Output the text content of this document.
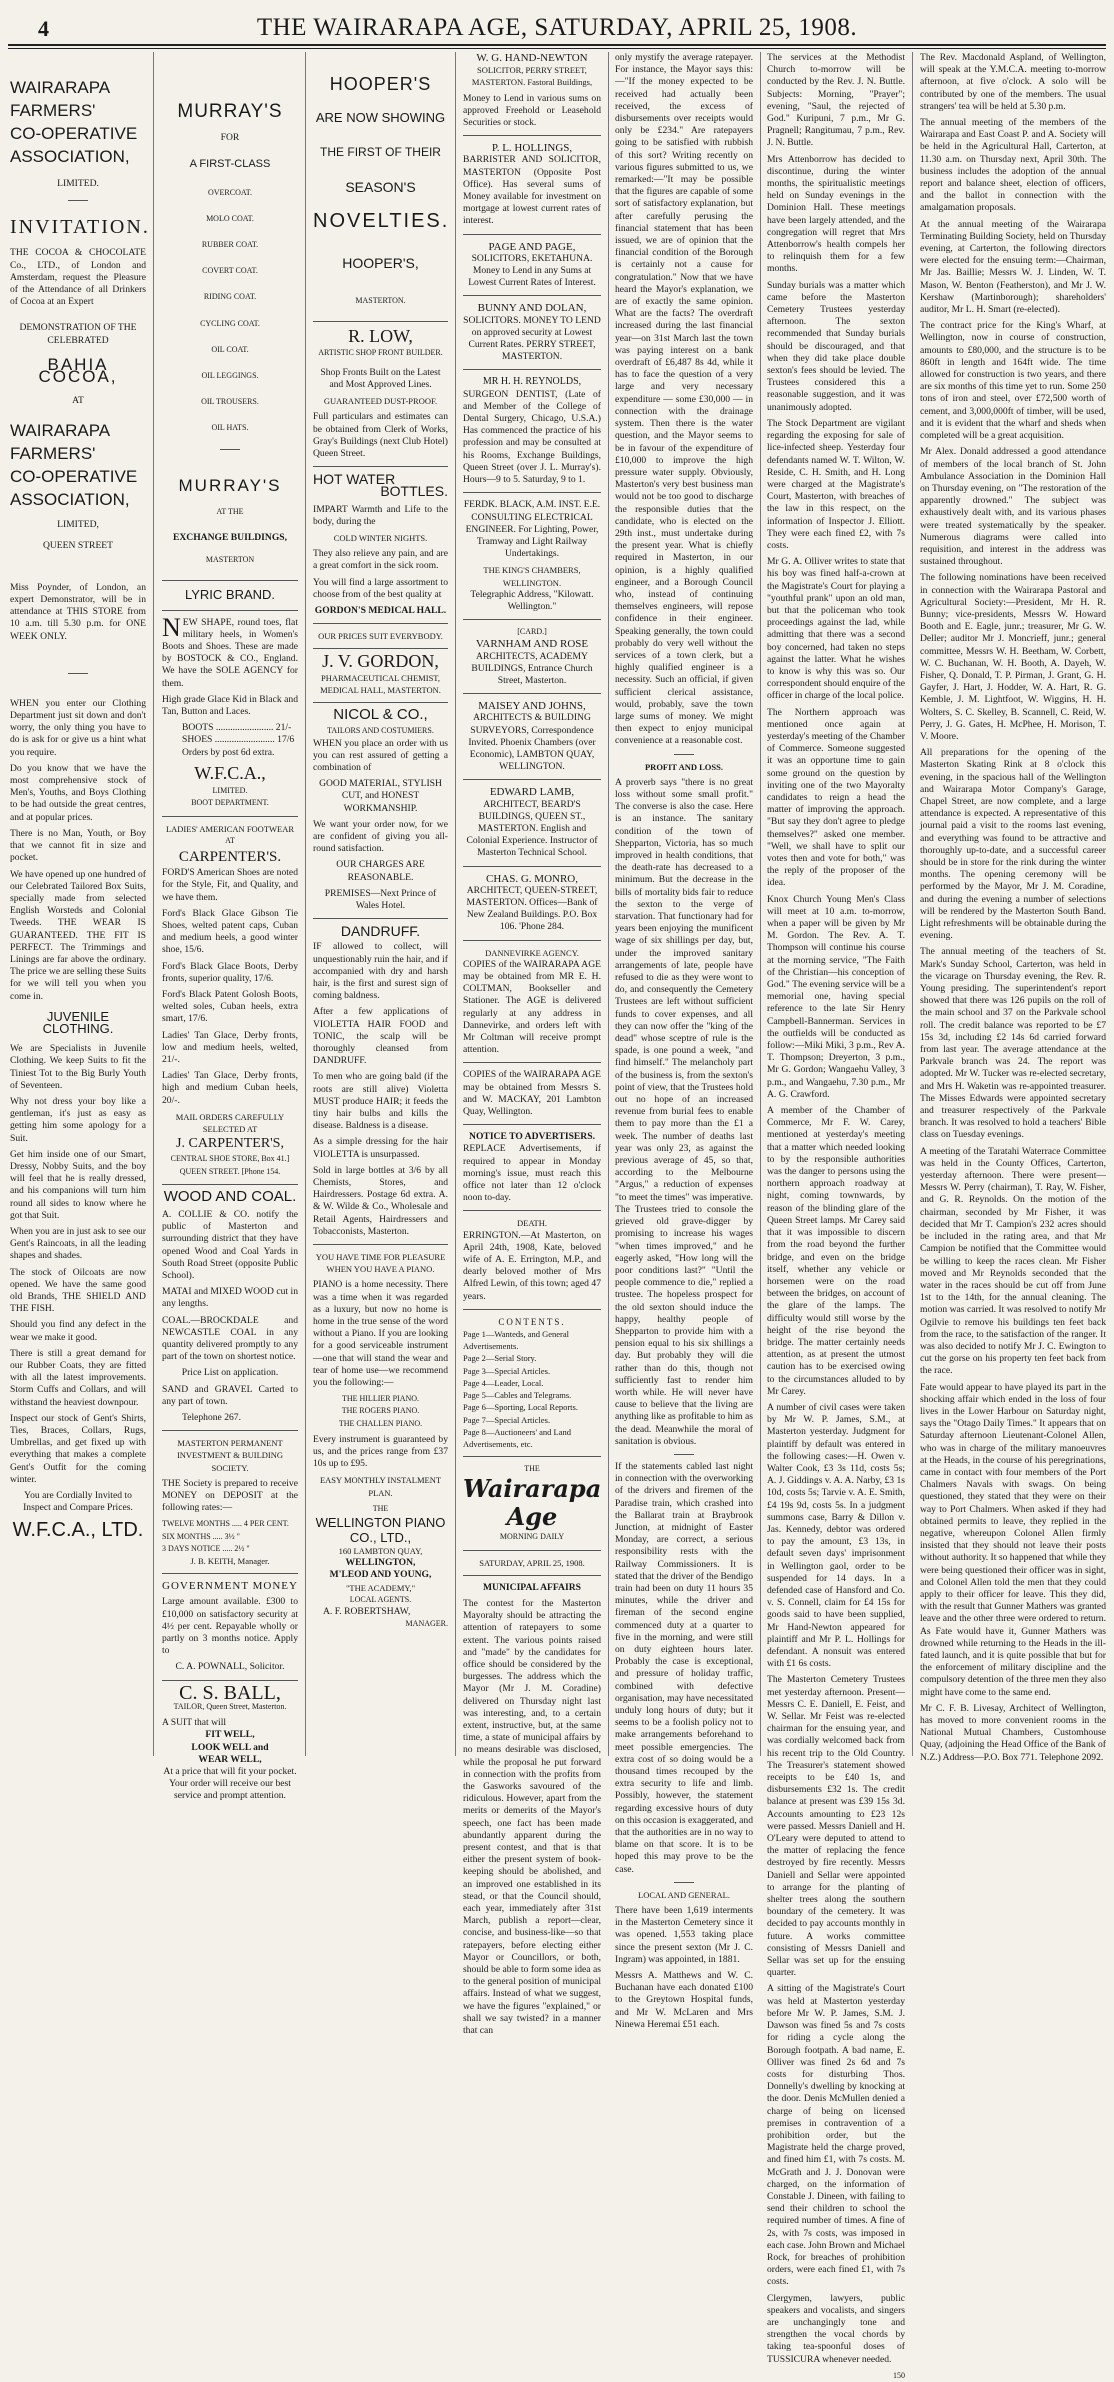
4	THE WAIRARAPA AGE, SATURDAY, APRIL 25, 1908.
WAIRARAPA
FARMERS'
CO-OPERATIVE
ASSOCIATION,
LIMITED.
INVITATION.

THE COCOA & CHOCOLATE Co., LTD., of London and Amsterdam, request the Pleasure of the Attendance of all Drinkers of Cocoa at an Expert

DEMONSTRATION OF THE CELEBRATED
BAHIA COCOA,
AT
WAIRARAPA
FARMERS'
CO-OPERATIVE
ASSOCIATION,
LIMITED,
QUEEN STREET

Miss Poynder, of London, an expert Demonstrator, will be in attendance at THIS STORE from 10 a.m. till 5.30 p.m. for ONE WEEK ONLY.

WHEN you enter our Clothing Department just sit down and don't worry, the only thing you have to do is ask for or give us a hint what you require.

Do you know that we have the most comprehensive stock of Men's, Youths, and Boys Clothing to be had outside the great centres, and at popular prices.

There is no Man, Youth, or Boy that we cannot fit in size and pocket.

We have opened up one hundred of our Celebrated Tailored Box Suits, specially made from selected English Worsteds and Colonial Tweeds. THE WEAR IS GUARANTEED. THE FIT IS PERFECT. The Trimmings and Linings are far above the ordinary. The price we are selling these Suits for we will tell you when you come in.

JUVENILE CLOTHING.

We are Specialists in Juvenile Clothing. We keep Suits to fit the Tiniest Tot to the Big Burly Youth of Seventeen.

Why not dress your boy like a gentleman, it's just as easy as getting him some apology for a Suit.

Get him inside one of our Smart, Dressy, Nobby Suits, and the boy will feel that he is really dressed, and his companions will turn him round all sides to know where he got that Suit.

When you are in just ask to see our Gent's Raincoats, in all the leading shapes and shades.

The stock of Oilcoats are now opened. We have the same good old Brands, THE SHIELD AND THE FISH.

Should you find any defect in the wear we make it good.

There is still a great demand for our Rubber Coats, they are fitted with all the latest improvements. Storm Cuffs and Collars, and will withstand the heaviest downpour.

Inspect our stock of Gent's Shirts, Ties, Braces, Collars, Rugs, Umbrellas, and get fixed up with everything that makes a complete Gent's Outfit for the coming winter.

You are Cordially Invited to Inspect and Compare Prices.

W.F.C.A., LTD.
MURRAY'S
FOR
A FIRST-CLASS
OVERCOAT.
MOLO COAT.
RUBBER COAT.
COVERT COAT.
RIDING COAT.
CYCLING COAT.
OIL COAT.
OIL LEGGINGS.
OIL TROUSERS.
OIL HATS.
MURRAY'S
AT THE
EXCHANGE BUILDINGS,
MASTERTON
LYRIC BRAND.

NEW SHAPE, round toes, flat military heels, in Women's Boots and Shoes. These are made by BOSTOCK & CO., England. We have the SOLE AGENCY for them.

High grade Glace Kid in Black and Tan, Button and Laces.

BOOTS ........................ 21/-
SHOES ......................... 17/6
Orders by post 6d extra.
W.F.C.A.,
LIMITED.
BOOT DEPARTMENT.
LADIES' AMERICAN FOOTWEAR
AT
CARPENTER'S.

FORD'S American Shoes are noted for the Style, Fit, and Quality, and we have them.

Ford's Black Glace Gibson Tie Shoes, welted patent caps, Cuban and medium heels, a good winter shoe, 15/6.

Ford's Black Glace Boots, Derby fronts, superior quality, 17/6.

Ford's Black Patent Golosh Boots, welted soles, Cuban heels, extra smart, 17/6.

Ladies' Tan Glace, Derby fronts, low and medium heels, welted, 21/-.

Ladies' Tan Glace, Derby fronts, high and medium Cuban heels, 20/-.

MAIL ORDERS CAREFULLY SELECTED AT
J. CARPENTER'S,
CENTRAL SHOE STORE, Box 41.] QUEEN STREET. [Phone 154.
WOOD AND COAL.

A. COLLIE & CO. notify the public of Masterton and surrounding district that they have opened Wood and Coal Yards in South Road Street (opposite Public School).

MATAI and MIXED WOOD cut in any lengths.

COAL.—BROCKDALE and NEWCASTLE COAL in any quantity delivered promptly to any part of the town on shortest notice.

Price List on application.

SAND and GRAVEL Carted to any part of town.

Telephone 267.

MASTERTON PERMANENT INVESTMENT & BUILDING SOCIETY.

THE Society is prepared to receive MONEY on DEPOSIT at the following rates:—

TWELVE MONTHS ..... 4 PER CENT.
SIX MONTHS ..... 3½ "
3 DAYS NOTICE ..... 2½ "
J. B. KEITH, Manager.
GOVERNMENT MONEY

Large amount available. £300 to £10,000 on satisfactory security at 4½ per cent. Repayable wholly or partly on 3 months notice. Apply to

C. A. POWNALL, Solicitor.
C. S. BALL,
TAILOR, Queen Street, Masterton.
A SUIT that will
FIT WELL,
LOOK WELL and
WEAR WELL,

At a price that will fit your pocket. Your order will receive our best service and prompt attention.

HOOPER'S
ARE NOW SHOWING
THE FIRST OF THEIR
SEASON'S
NOVELTIES.
HOOPER'S,
MASTERTON.
R. LOW,
ARTISTIC SHOP FRONT BUILDER.

Shop Fronts Built on the Latest and Most Approved Lines.

GUARANTEED DUST-PROOF.

Full particulars and estimates can be obtained from Clerk of Works, Gray's Buildings (next Club Hotel) Queen Street.

HOT WATER
BOTTLES.

IMPART Warmth and Life to the body, during the

COLD WINTER NIGHTS.

They also relieve any pain, and are a great comfort in the sick room.

You will find a large assortment to choose from of the best quality at

GORDON'S MEDICAL HALL.
OUR PRICES SUIT EVERYBODY.
J. V. GORDON,
PHARMACEUTICAL CHEMIST,
MEDICAL HALL, MASTERTON.
NICOL & CO.,
TAILORS AND COSTUMIERS.

WHEN you place an order with us you can rest assured of getting a combination of

GOOD MATERIAL, STYLISH CUT, and HONEST WORKMANSHIP.

We want your order now, for we are confident of giving you all-round satisfaction.

OUR CHARGES ARE REASONABLE.

PREMISES—Next Prince of Wales Hotel.

DANDRUFF.

IF allowed to collect, will unquestionably ruin the hair, and if accompanied with dry and harsh hair, is the first and surest sign of coming baldness.

After a few applications of VIOLETTA HAIR FOOD and TONIC, the scalp will be thoroughly cleansed from DANDRUFF.

To men who are going bald (if the roots are still alive) Violetta MUST produce HAIR; it feeds the tiny hair bulbs and kills the disease. Baldness is a disease.

As a simple dressing for the hair VIOLETTA is unsurpassed.

Sold in large bottles at 3/6 by all Chemists, Stores, and Hairdressers. Postage 6d extra. A. & W. Wilde & Co., Wholesale and Retail Agents, Hairdressers and Tobacconists, Masterton.

YOU HAVE TIME FOR PLEASURE WHEN YOU HAVE A PIANO.

PIANO is a home necessity. There was a time when it was regarded as a luxury, but now no home is home in the true sense of the word without a Piano. If you are looking for a good serviceable instrument—one that will stand the wear and tear of home use—we recommend you the following:—

THE HILLIER PIANO.
THE ROGERS PIANO.
THE CHALLEN PIANO.

Every instrument is guaranteed by us, and the prices range from £37 10s up to £95.

EASY MONTHLY INSTALMENT PLAN.
THE
WELLINGTON PIANO CO., LTD.,
160 LAMBTON QUAY,
WELLINGTON,
M'LEOD AND YOUNG,
"THE ACADEMY,"
LOCAL AGENTS.
A. F. ROBERTSHAW,
MANAGER.
W. G. HAND-NEWTON

SOLICITOR, PERRY STREET, MASTERTON. Fastoral Buildings,

Money to Lend in various sums on approved Freehold or Leasehold Securities or stock.

P. L. HOLLINGS,

BARRISTER AND SOLICITOR, MASTERTON (Opposite Post Office). Has several sums of Money available for investment on mortgage at lowest current rates of interest.

PAGE AND PAGE,

SOLICITORS, EKETAHUNA. Money to Lend in any Sums at Lowest Current Rates of Interest.

BUNNY AND DOLAN,

SOLICITORS. MONEY TO LEND on approved security at Lowest Current Rates. PERRY STREET, MASTERTON.

MR H. H. REYNOLDS,

SURGEON DENTIST, (Late of and Member of the College of Dental Surgery, Chicago, U.S.A.) Has commenced the practice of his profession and may be consulted at his Rooms, Exchange Buildings, Queen Street (over J. L. Murray's). Hours—9 to 5. Saturday, 9 to 1.

FERDK. BLACK, A.M. INST. E.E.

CONSULTING ELECTRICAL ENGINEER. For Lighting, Power, Tramway and Light Railway Undertakings.

THE KING'S CHAMBERS, WELLINGTON.

Telegraphic Address, "Kilowatt. Wellington."

[CARD.]
VARNHAM AND ROSE

ARCHITECTS, ACADEMY BUILDINGS, Entrance Church Street, Masterton.

MAISEY AND JOHNS,

ARCHITECTS & BUILDING SURVEYORS, Correspondence Invited. Phoenix Chambers (over Economic), LAMBTON QUAY, WELLINGTON.

EDWARD LAMB,

ARCHITECT, BEARD'S BUILDINGS, QUEEN ST., MASTERTON. English and Colonial Experience. Instructor of Masterton Technical School.

CHAS. G. MONRO,

ARCHITECT, QUEEN-STREET, MASTERTON. Offices—Bank of New Zealand Buildings. P.O. Box 106. 'Phone 284.

DANNEVIRKE AGENCY.

COPIES of the WAIRARAPA AGE may be obtained from MR E. H. COLTMAN, Bookseller and Stationer. The AGE is delivered regularly at any address in Dannevirke, and orders left with Mr Coltman will receive prompt attention.

COPIES of the WAIRARAPA AGE may be obtained from Messrs S. and W. MACKAY, 201 Lambton Quay, Wellington.

NOTICE TO ADVERTISERS.

REPLACE Advertisements, if required to appear in Monday morning's issue, must reach this office not later than 12 o'clock noon to-day.

DEATH.

ERRINGTON.—At Masterton, on April 24th, 1908, Kate, beloved wife of A. E. Errington, M.P., and dearly beloved mother of Mrs Alfred Lewin, of this town; aged 47 years.

CONTENTS.
Page 1—Wanteds, and General Advertisements.
Page 2—Serial Story.
Page 3—Special Articles.
Page 4—Leader, Local.
Page 5—Cables and Telegrams.
Page 6—Sporting, Local Reports.
Page 7—Special Articles.
Page 8—Auctioneers' and Land Advertisements, etc.
THE
Wairarapa Age
MORNING DAILY
SATURDAY, APRIL 25, 1908.
MUNICIPAL AFFAIRS

The contest for the Masterton Mayoralty should be attracting the attention of ratepayers to some extent. The various points raised and "made" by the candidates for office should be considered by the burgesses. The address which the Mayor (Mr J. M. Coradine) delivered on Thursday night last was interesting, and, to a certain extent, instructive, but, at the same time, a state of municipal affairs by no means desirable was disclosed, while the proposal he put forward in connection with the profits from the Gasworks savoured of the ridiculous. However, apart from the merits or demerits of the Mayor's speech, one fact has been made abundantly apparent during the present contest, and that is that either the present system of book-keeping should be abolished, and an improved one established in its stead, or that the Council should, each year, immediately after 31st March, publish a report—clear, concise, and business-like—so that ratepayers, before electing either Mayor or Councillors, or both, should be able to form some idea as to the general position of municipal affairs. Instead of what we suggest, we have the figures "explained," or shall we say twisted? in a manner that can

only mystify the average ratepayer. For instance, the Mayor says this:—"If the money expected to be received had actually been received, the excess of disbursements over receipts would only be £234." Are ratepayers going to be satisfied with rubbish of this sort? Writing recently on various figures submitted to us, we remarked:—"It may be possible that the figures are capable of some sort of satisfactory explanation, but after carefully perusing the financial statement that has been issued, we are of opinion that the financial condition of the Borough is certainly not a cause for congratulation." Now that we have heard the Mayor's explanation, we are of exactly the same opinion. What are the facts? The overdraft increased during the last financial year—on 31st March last the town was paying interest on a bank overdraft of £6,487 8s 4d, while it has to face the question of a very large and very necessary expenditure — some £30,000 — in connection with the drainage system. Then there is the water question, and the Mayor seems to be in favour of the expenditure of £10,000 to improve the high pressure water supply. Obviously, Masterton's very best business man would not be too good to discharge the responsible duties that the candidate, who is elected on the 29th inst., must undertake during the present year. What is chiefly required in Masterton, in our opinion, is a highly qualified engineer, and a Borough Council who, instead of continuing themselves engineers, will repose confidence in their engineer. Speaking generally, the town could probably do very well without the services of a town clerk, but a highly qualified engineer is a necessity. Such an official, if given sufficient clerical assistance, would, probably, save the town large sums of money. We might then expect to enjoy municipal convenience at a reasonable cost.

PROFIT AND LOSS.

A proverb says "there is no great loss without some small profit." The converse is also the case. Here is an instance. The sanitary condition of the town of Shepparton, Victoria, has so much improved in health conditions, that the death-rate has decreased to a minimum. But the decrease in the bills of mortality bids fair to reduce the sexton to the verge of starvation. That functionary had for years been enjoying the munificent wage of six shillings per day, but, under the improved sanitary arrangements of late, people have refused to die as they were wont to do, and consequently the Cemetery Trustees are left without sufficient funds to cover expenses, and all they can now offer the "king of the dead" whose sceptre of rule is the spade, is one pound a week, "and find himself." The melancholy part of the business is, from the sexton's point of view, that the Trustees hold out no hope of an increased revenue from burial fees to enable them to pay more than the £1 a week. The number of deaths last year was only 23, as against the previous average of 45, so that, according to the Melbourne "Argus," a reduction of expenses "to meet the times" was imperative. The Trustees tried to console the grieved old grave-digger by promising to increase his wages "when times improved," and he eagerly asked, "How long will the poor conditions last?" "Until the people commence to die," replied a trustee. The hopeless prospect for the old sexton should induce the happy, healthy people of Shepparton to provide him with a pension equal to his six shillings a day. But probably they will die rather than do this, though not sufficiently fast to render him worth while. He will never have cause to believe that the living are anything like as profitable to him as the dead. Meanwhile the moral of sanitation is obvious.

If the statements cabled last night in connection with the overworking of the drivers and firemen of the Paradise train, which crashed into the Ballarat train at Braybrook Junction, at midnight of Easter Monday, are correct, a serious responsibility rests with the Railway Commissioners. It is stated that the driver of the Bendigo train had been on duty 11 hours 35 minutes, while the driver and fireman of the second engine commenced duty at a quarter to five in the morning, and were still on duty eighteen hours later. Probably the case is exceptional, and pressure of holiday traffic, combined with defective organisation, may have necessitated unduly long hours of duty; but it seems to be a foolish policy not to make arrangements beforehand to meet possible emergencies. The extra cost of so doing would be a thousand times recouped by the extra security to life and limb. Possibly, however, the statement regarding excessive hours of duty on this occasion is exaggerated, and that the authorities are in no way to blame on that score. It is to be hoped this may prove to be the case.

LOCAL AND GENERAL.

There have been 1,619 interments in the Masterton Cemetery since it was opened. 1,553 taking place since the present sexton (Mr J. C. Ingram) was appointed, in 1881.

Messrs A. Matthews and W. C. Buchanan have each donated £100 to the Greytown Hospital funds, and Mr W. McLaren and Mrs Ninewa Heremai £51 each.

The services at the Methodist Church to-morrow will be conducted by the Rev. J. N. Buttle. Subjects: Morning, "Prayer"; evening, "Saul, the rejected of God." Kuripuni, 7 p.m., Mr G. Pragnell; Rangitumau, 7 p.m., Rev. J. N. Buttle.

Mrs Attenborrow has decided to discontinue, during the winter months, the spiritualistic meetings held on Sunday evenings in the Dominion Hall. These meetings have been largely attended, and the congregation will regret that Mrs Attenborrow's health compels her to relinquish them for a few months.

Sunday burials was a matter which came before the Masterton Cemetery Trustees yesterday afternoon. The sexton recommended that Sunday burials should be discouraged, and that when they did take place double sexton's fees should be levied. The Trustees considered this a reasonable suggestion, and it was unanimously adopted.

The Stock Department are vigilant regarding the exposing for sale of lice-infected sheep. Yesterday four defendants named W. T. Wilton, W. Reside, C. H. Smith, and H. Long were charged at the Magistrate's Court, Masterton, with breaches of the law in this respect, on the information of Inspector J. Elliott. They were each fined £2, with 7s costs.

Mr G. A. Olliver writes to state that his boy was fined half-a-crown at the Magistrate's Court for playing a "youthful prank" upon an old man, but that the policeman who took proceedings against the lad, while admitting that there was a second boy concerned, had taken no steps against the latter. What he wishes to know is why this was so. Our correspondent should enquire of the officer in charge of the local police.

The Northern approach was mentioned once again at yesterday's meeting of the Chamber of Commerce. Someone suggested it was an opportune time to gain some ground on the question by inviting one of the two Mayoralty candidates to reign a head the matter of improving the approach. "But say they don't agree to pledge themselves?" asked one member. "Well, we shall have to split our votes then and vote for both," was the reply of the proposer of the idea.

Knox Church Young Men's Class will meet at 10 a.m. to-morrow, when a paper will be given by Mr M. Gordon. The Rev. A. T. Thompson will continue his course at the morning service, "The Faith of the Christian—his conception of God." The evening service will be a memorial one, having special reference to the late Sir Henry Campbell-Bannerman. Services in the outfields will be conducted as follow:—Miki Miki, 3 p.m., Rev A. T. Thompson; Dreyerton, 3 p.m., Mr G. Gordon; Wangaehu Valley, 3 p.m., and Wangaehu, 7.30 p.m., Mr A. G. Crawford.

A member of the Chamber of Commerce, Mr F. W. Carey, mentioned at yesterday's meeting that a matter which needed looking to by the responsible authorities was the danger to persons using the northern approach roadway at night, coming townwards, by reason of the blinding glare of the Queen Street lamps. Mr Carey said that it was impossible to discern from the road beyond the further bridge, and even on the bridge itself, whether any vehicle or horsemen were on the road between the bridges, on account of the glare of the lamps. The difficulty would still worse by the height of the rise beyond the bridge. The matter certainly needs attention, as at present the utmost caution has to be exercised owing to the circumstances alluded to by Mr Carey.

A number of civil cases were taken by Mr W. P. James, S.M., at Masterton yesterday. Judgment for plaintiff by default was entered in the following cases:—H. Owen v. Walter Cook, £3 3s 11d, costs 5s; A. J. Giddings v. A. A. Narby, £3 1s 10d, costs 5s; Tarvie v. A. E. Smith, £4 19s 9d, costs 5s. In a judgment summons case, Barry & Dillon v. Jas. Kennedy, debtor was ordered to pay the amount, £3 13s, in default seven days' imprisonment in Wellington gaol, order to be suspended for 14 days. In a defended case of Hansford and Co. v. S. Connell, claim for £4 15s for goods said to have been supplied, Mr Hand-Newton appeared for plaintiff and Mr P. L. Hollings for defendant. A nonsuit was entered with £1 6s costs.

The Masterton Cemetery Trustees met yesterday afternoon. Present—Messrs C. E. Daniell, E. Feist, and W. Sellar. Mr Feist was re-elected chairman for the ensuing year, and was cordially welcomed back from his recent trip to the Old Country. The Treasurer's statement showed receipts to be £40 1s, and disbursements £32 1s. The credit balance at present was £39 15s 3d. Accounts amounting to £23 12s were passed. Messrs Daniell and H. O'Leary were deputed to attend to the matter of replacing the fence destroyed by fire recently. Messrs Daniell and Sellar were appointed to arrange for the planting of shelter trees along the southern boundary of the cemetery. It was decided to pay accounts monthly in future. A works committee consisting of Messrs Daniell and Sellar was set up for the ensuing quarter.

A sitting of the Magistrate's Court was held at Masterton yesterday before Mr W. P. James, S.M. J. Dawson was fined 5s and 7s costs for riding a cycle along the Borough footpath. A bad name, E. Olliver was fined 2s 6d and 7s costs for disturbing Thos. Donnelly's dwelling by knocking at the door. Denis McMullen denied a charge of being on licensed premises in contravention of a prohibition order, but the Magistrate held the charge proved, and fined him £1, with 7s costs. M. McGrath and J. J. Donovan were charged, on the information of Constable J. Dineen, with failing to send their children to school the required number of times. A fine of 2s, with 7s costs, was imposed in each case. John Brown and Michael Rock, for breaches of prohibition orders, were each fined £1, with 7s costs.

Clergymen, lawyers, public speakers and vocalists, and singers are unchangingly tone and strengthen the vocal chords by taking tea-spoonful doses of TUSSICURA whenever needed.

150

The Rev. Macdonald Aspland, of Wellington, will speak at the Y.M.C.A. meeting to-morrow afternoon, at five o'clock. A solo will be contributed by one of the members. The usual strangers' tea will be held at 5.30 p.m.

The annual meeting of the members of the Wairarapa and East Coast P. and A. Society will be held in the Agricultural Hall, Carterton, at 11.30 a.m. on Thursday next, April 30th. The business includes the adoption of the annual report and balance sheet, election of officers, and the ballot in connection with the amalgamation proposals.

At the annual meeting of the Wairarapa Terminating Building Society, held on Thursday evening, at Carterton, the following directors were elected for the ensuing term:—Chairman, Mr Jas. Baillie; Messrs W. J. Linden, W. T. Mason, W. Benton (Featherston), and Mr J. W. Kershaw (Martinborough); shareholders' auditor, Mr L. H. Smart (re-elected).

The contract price for the King's Wharf, at Wellington, now in course of construction, amounts to £80,000, and the structure is to be 860ft in length and 164ft wide. The time allowed for construction is two years, and there are six months of this time yet to run. Some 250 tons of iron and steel, over £72,500 worth of cement, and 3,000,000ft of timber, will be used, and it is evident that the wharf and sheds when completed will be a great acquisition.

Mr Alex. Donald addressed a good attendance of members of the local branch of St. John Ambulance Association in the Dominion Hall on Thursday evening, on "The restoration of the apparently drowned." The subject was exhaustively dealt with, and its various phases were treated systematically by the speaker. Numerous diagrams were called into requisition, and interest in the address was sustained throughout.

The following nominations have been received in connection with the Wairarapa Pastoral and Agricultural Society:—President, Mr H. R. Bunny; vice-presidents, Messrs W. Howard Booth and E. Eagle, junr.; treasurer, Mr G. W. Deller; auditor Mr J. Moncrieff, junr.; general committee, Messrs W. H. Beetham, W. Corbett, W. C. Buchanan, W. H. Booth, A. Dayeh, W. Fisher, Q. Donald, T. P. Pirman, J. Grant, G. H. Gayfer, J. Hart, J. Hodder, W. A. Hart, R. G. Kemble, J. M. Lightfoot, W. Wiggins, H. H. Wolters, S. C. Skelley, B. Scannell, C. Reid, W. Perry, J. G. Gates, H. McPhee, H. Morison, T. V. Moore.

All preparations for the opening of the Masterton Skating Rink at 8 o'clock this evening, in the spacious hall of the Wellington and Wairarapa Motor Company's Garage, Chapel Street, are now complete, and a large attendance is expected. A representative of this journal paid a visit to the rooms last evening, and everything was found to be attractive and thoroughly up-to-date, and a successful career should be in store for the rink during the winter months. The opening ceremony will be performed by the Mayor, Mr J. M. Coradine, and during the evening a number of selections will be rendered by the Masterton South Band. Light refreshments will be obtainable during the evening.

The annual meeting of the teachers of St. Mark's Sunday School, Carterton, was held in the vicarage on Thursday evening, the Rev. R. Young presiding. The superintendent's report showed that there was 126 pupils on the roll of the main school and 37 on the Parkvale school roll. The credit balance was reported to be £7 15s 3d, including £2 14s 6d carried forward from last year. The average attendance at the Parkvale branch was 24. The report was adopted. Mr W. Tucker was re-elected secretary, and Mrs H. Waketin was re-appointed treasurer. The Misses Edwards were appointed secretary and treasurer respectively of the Parkvale branch. It was resolved to hold a teachers' Bible class on Tuesday evenings.

A meeting of the Taratahi Waterrace Committee was held in the County Offices, Carterton, yesterday afternoon. There were present—Messrs W. Perry (chairman), T. Ray, W. Fisher, and G. R. Reynolds. On the motion of the chairman, seconded by Mr Fisher, it was decided that Mr T. Campion's 232 acres should be included in the rating area, and that Mr Campion be notified that the Committee would be willing to keep the races clean. Mr Fisher moved and Mr Reynolds seconded that the water in the races should be cut off from June 1st to the 14th, for the annual cleaning. The motion was carried. It was resolved to notify Mr Ogilvie to remove his buildings ten feet back from the race, to the satisfaction of the ranger. It was also decided to notify Mr J. C. Ewington to cut the gorse on his property ten feet back from the race.

Fate would appear to have played its part in the shocking affair which ended in the loss of four lives in the Lower Harbour on Saturday night, says the "Otago Daily Times." It appears that on Saturday afternoon Lieutenant-Colonel Allen, who was in charge of the military manoeuvres at the Heads, in the course of his peregrinations, came in contact with four members of the Port Chalmers Navals with swags. On being questioned, they stated that they were on their way to Port Chalmers. When asked if they had obtained permits to leave, they replied in the negative, whereupon Colonel Allen firmly insisted that they should not leave their posts without authority. It so happened that while they were being questioned their officer was in sight, and Colonel Allen told the men that they could apply to their officer for leave. This they did, with the result that Gunner Mathers was granted leave and the other three were ordered to return. As Fate would have it, Gunner Mathers was drowned while returning to the Heads in the ill-fated launch, and it is quite possible that but for the enforcement of military discipline and the compulsory detention of the three men they also might have come to the same end.

Mr C. F. B. Livesay, Architect of Wellington, has moved to more convenient rooms in the National Mutual Chambers, Customhouse Quay, (adjoining the Head Office of the Bank of N.Z.) Address—P.O. Box 771. Telephone 2092.
